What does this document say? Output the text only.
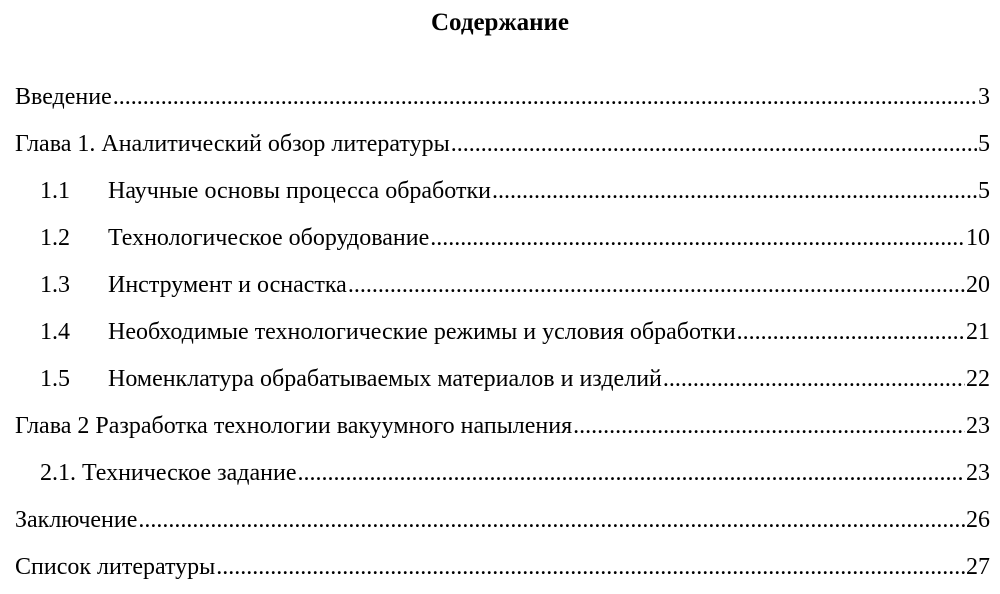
Содержание
Введение .....	3
Глава 1. Аналитический обзор литературы .....	5
1.1	Научные основы процесса обработки .....	5
1.2	Технологическое оборудование .....	10
1.3	Инструмент и оснастка .....	20
1.4	Необходимые технологические режимы и условия обработки .....	21
1.5	Номенклатура обрабатываемых материалов и изделий .....	22
Глава 2 Разработка технологии вакуумного напыления .....	23
2.1. Техническое задание .....	23
Заключение .....	26
Список литературы .....	27
